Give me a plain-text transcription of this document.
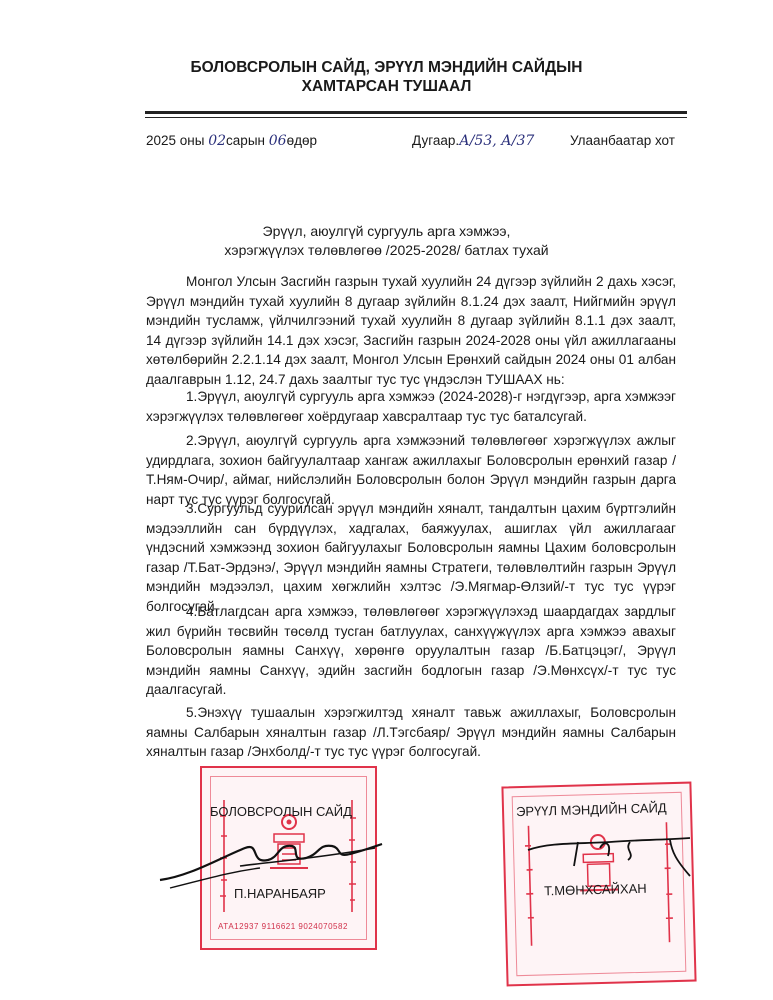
БОЛОВСРОЛЫН САЙД, ЭРҮҮЛ МЭНДИЙН САЙДЫН
ХАМТАРСАН ТУШААЛ
2025 оны 02сарын 06өдөр	Дугаар.А/53, А/37	Улаанбаатар хот
Эрүүл, аюулгүй сургууль арга хэмжээ,
хэрэгжүүлэх төлөвлөгөө /2025-2028/ батлах тухай
Монгол Улсын Засгийн газрын тухай хуулийн 24 дүгээр зүйлийн 2 дахь хэсэг, Эрүүл мэндийн тухай хуулийн 8 дугаар зүйлийн 8.1.24 дэх заалт, Нийгмийн эрүүл мэндийн тусламж, үйлчилгээний тухай хуулийн 8 дугаар зүйлийн 8.1.1 дэх заалт, 14 дүгээр зүйлийн 14.1 дэх хэсэг, Засгийн газрын 2024-2028 оны үйл ажиллагааны хөтөлбөрийн 2.2.1.14 дэх заалт, Монгол Улсын Ерөнхий сайдын 2024 оны 01 албан даалгаврын 1.12, 24.7 дахь заалтыг тус тус үндэслэн ТУШААХ нь:
1.Эрүүл, аюулгүй сургууль арга хэмжээ (2024-2028)-г нэгдүгээр, арга хэмжээг хэрэгжүүлэх төлөвлөгөөг хоёрдугаар хавсралтаар тус тус баталсугай.
2.Эрүүл, аюулгүй сургууль арга хэмжээний төлөвлөгөөг хэрэгжүүлэх ажлыг удирдлага, зохион байгуулалтаар хангаж ажиллахыг Боловсролын ерөнхий газар /Т.Ням-Очир/, аймаг, нийслэлийн Боловсролын болон Эрүүл мэндийн газрын дарга нарт тус тус үүрэг болгосугай.
3.Сургуульд суурилсан эрүүл мэндийн хяналт, тандалтын цахим бүртгэлийн мэдээллийн сан бүрдүүлэх, хадгалах, баяжуулах, ашиглах үйл ажиллагааг үндэсний хэмжээнд зохион байгуулахыг Боловсролын яамны Цахим боловсролын газар /Т.Бат-Эрдэнэ/, Эрүүл мэндийн яамны Стратеги, төлөвлөлтийн газрын Эрүүл мэндийн мэдээлэл, цахим хөгжлийн хэлтэс /Э.Мягмар-Өлзий/-т тус тус үүрэг болгосугай.
4.Батлагдсан арга хэмжээ, төлөвлөгөөг хэрэгжүүлэхэд шаардагдах зардлыг жил бүрийн төсвийн төсөлд тусган батлуулах, санхүүжүүлэх арга хэмжээ авахыг Боловсролын яамны Санхүү, хөрөнгө оруулалтын газар /Б.Батцэцэг/, Эрүүл мэндийн яамны Санхүү, эдийн засгийн бодлогын газар /Э.Мөнхсүх/-т тус тус даалгасугай.
5.Энэхүү тушаалын хэрэгжилтэд хяналт тавьж ажиллахыг, Боловсролын яамны Салбарын хяналтын газар /Л.Тэгсбаяр/ Эрүүл мэндийн яамны Салбарын хяналтын газар /Энхболд/-т тус тус үүрэг болгосугай.
БОЛОВСРОЛЫН САЙД
П.НАРАНБАЯР
АТА12937 9116621 9024070582
ЭРҮҮЛ МЭНДИЙН САЙД
Т.МӨНХСАЙХАН
